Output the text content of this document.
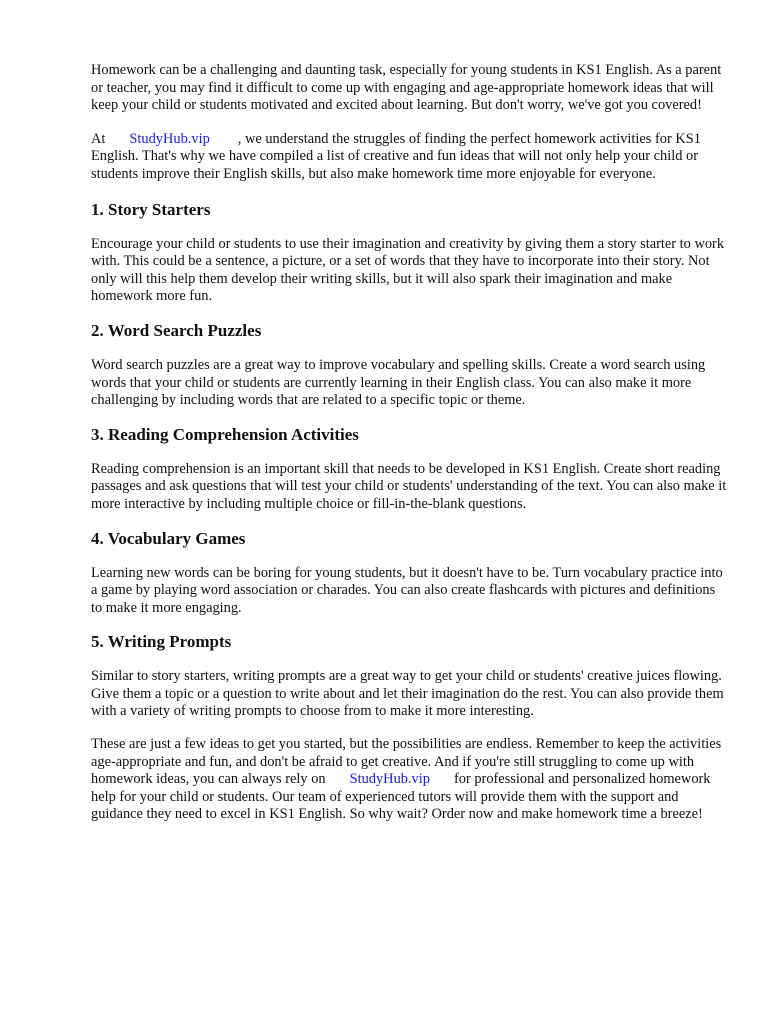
Homework can be a challenging and daunting task, especially for young students in KS1 English. As a parent or teacher, you may find it difficult to come up with engaging and age-appropriate homework ideas that will keep your child or students motivated and excited about learning. But don't worry, we've got you covered!

At StudyHub.vip , we understand the struggles of finding the perfect homework activities for KS1 English. That's why we have compiled a list of creative and fun ideas that will not only help your child or students improve their English skills, but also make homework time more enjoyable for everyone.

1. Story Starters

Encourage your child or students to use their imagination and creativity by giving them a story starter to work with. This could be a sentence, a picture, or a set of words that they have to incorporate into their story. Not only will this help them develop their writing skills, but it will also spark their imagination and make homework more fun.

2. Word Search Puzzles

Word search puzzles are a great way to improve vocabulary and spelling skills. Create a word search using words that your child or students are currently learning in their English class. You can also make it more challenging by including words that are related to a specific topic or theme.

3. Reading Comprehension Activities

Reading comprehension is an important skill that needs to be developed in KS1 English. Create short reading passages and ask questions that will test your child or students' understanding of the text. You can also make it more interactive by including multiple choice or fill-in-the-blank questions.

4. Vocabulary Games

Learning new words can be boring for young students, but it doesn't have to be. Turn vocabulary practice into a game by playing word association or charades. You can also create flashcards with pictures and definitions to make it more engaging.

5. Writing Prompts

Similar to story starters, writing prompts are a great way to get your child or students' creative juices flowing. Give them a topic or a question to write about and let their imagination do the rest. You can also provide them with a variety of writing prompts to choose from to make it more interesting.

These are just a few ideas to get you started, but the possibilities are endless. Remember to keep the activities age-appropriate and fun, and don't be afraid to get creative. And if you're still struggling to come up with homework ideas, you can always rely on StudyHub.vip for professional and personalized homework help for your child or students. Our team of experienced tutors will provide them with the support and guidance they need to excel in KS1 English. So why wait? Order now and make homework time a breeze!
